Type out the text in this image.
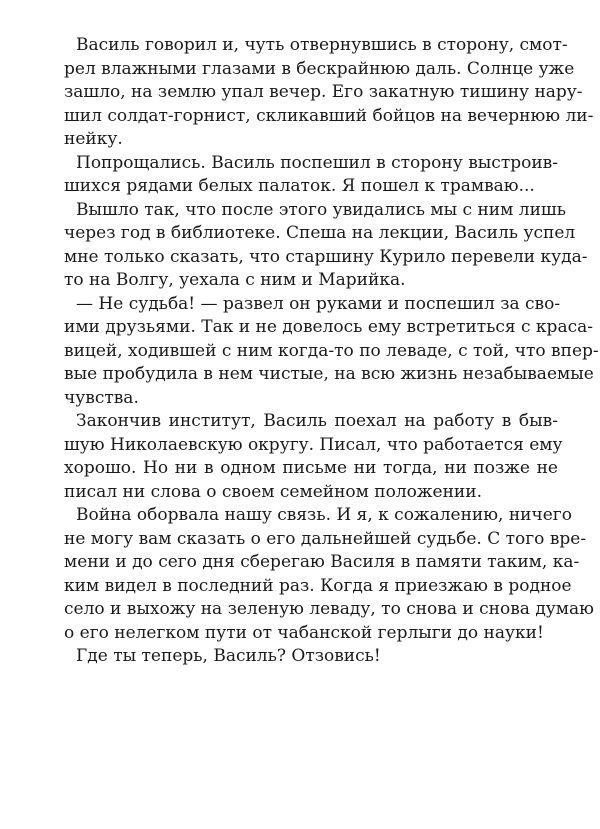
Василь говорил и, чуть отвернувшись в сторону, смот-
рел влажными глазами в бескрайнюю даль. Солнце уже
зашло, на землю упал вечер. Его закатную тишину нару-
шил солдат-горнист, скликавший бойцов на вечернюю ли-
нейку.
Попрощались. Василь поспешил в сторону выстроив-
шихся рядами белых палаток. Я пошел к трамваю...
Вышло так, что после этого увидались мы с ним лишь
через год в библиотеке. Спеша на лекции, Василь успел
мне только сказать, что старшину Курило перевели куда-
то на Волгу, уехала с ним и Марийка.
— Не судьба! — развел он руками и поспешил за сво-
ими друзьями. Так и не довелось ему встретиться с краса-
вицей, ходившей с ним когда-то по леваде, с той, что впер-
вые пробудила в нем чистые, на всю жизнь незабываемые
чувства.
Закончив институт, Василь поехал на работу в быв-
шую Николаевскую округу. Писал, что работается ему
хорошо. Но ни в одном письме ни тогда, ни позже не
писал ни слова о своем семейном положении.
Война оборвала нашу связь. И я, к сожалению, ничего
не могу вам сказать о его дальнейшей судьбе. С того вре-
мени и до сего дня сберегаю Василя в памяти таким, ка-
ким видел в последний раз. Когда я приезжаю в родное
село и выхожу на зеленую леваду, то снова и снова думаю
о его нелегком пути от чабанской герлыги до науки!
Где ты теперь, Василь? Отзовись!
